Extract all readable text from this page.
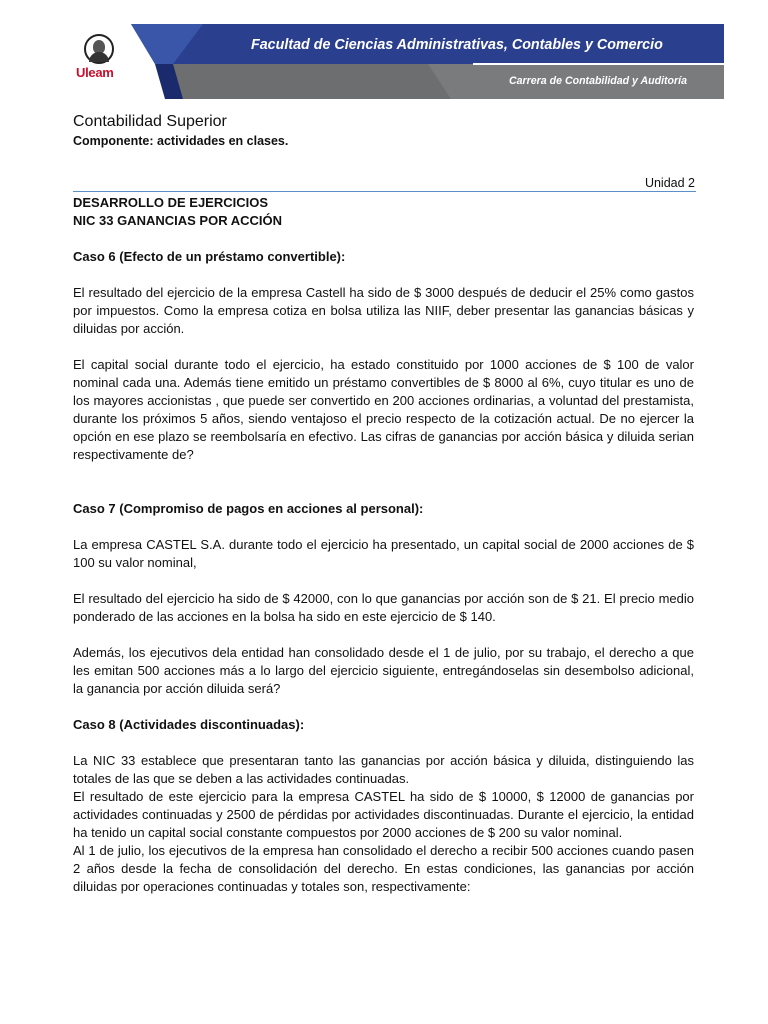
Uleam
Facultad de Ciencias Administrativas, Contables y Comercio
Carrera de Contabilidad y Auditoría
Contabilidad Superior
Componente: actividades en clases.
Unidad 2

DESARROLLO DE EJERCICIOS

NIC 33 GANANCIAS POR ACCIÓN

Caso 6 (Efecto de un préstamo convertible):

El resultado del ejercicio de la empresa Castell ha sido de $ 3000 después de deducir el 25% como gastos por impuestos. Como la empresa cotiza en bolsa utiliza las NIIF, deber presentar las ganancias básicas y diluidas por acción.

El capital social durante todo el ejercicio, ha estado constituido por 1000 acciones de $ 100 de valor nominal cada una. Además tiene emitido un préstamo convertibles de $ 8000 al 6%, cuyo titular es uno de los mayores accionistas , que puede ser convertido en 200 acciones ordinarias, a voluntad del prestamista, durante los próximos 5 años, siendo ventajoso el precio respecto de la cotización actual. De no ejercer la opción en ese plazo se reembolsaría en efectivo. Las cifras de ganancias por acción básica y diluida serian respectivamente de?

Caso 7 (Compromiso de pagos en acciones al personal):

La empresa CASTEL S.A. durante todo el ejercicio ha presentado, un capital social de 2000 acciones de $ 100 su valor nominal,

El resultado del ejercicio ha sido de $ 42000, con lo que ganancias por acción son de $ 21. El precio medio ponderado de las acciones en la bolsa ha sido en este ejercicio de $ 140.

Además, los ejecutivos dela entidad han consolidado desde el 1 de julio, por su trabajo, el derecho a que les emitan 500 acciones más a lo largo del ejercicio siguiente, entregándoselas sin desembolso adicional, la ganancia por acción diluida será?

Caso 8 (Actividades discontinuadas):

La NIC 33 establece que presentaran tanto las ganancias por acción básica y diluida, distinguiendo las totales de las que se deben a las actividades continuadas.

El resultado de este ejercicio para la empresa CASTEL ha sido de $ 10000, $ 12000 de ganancias por actividades continuadas y 2500 de pérdidas por actividades discontinuadas. Durante el ejercicio, la entidad ha tenido un capital social constante compuestos por 2000 acciones de $ 200 su valor nominal.

Al 1 de julio, los ejecutivos de la empresa han consolidado el derecho a recibir 500 acciones cuando pasen 2 años desde la fecha de consolidación del derecho. En estas condiciones, las ganancias por acción diluidas por operaciones continuadas y totales son, respectivamente:
